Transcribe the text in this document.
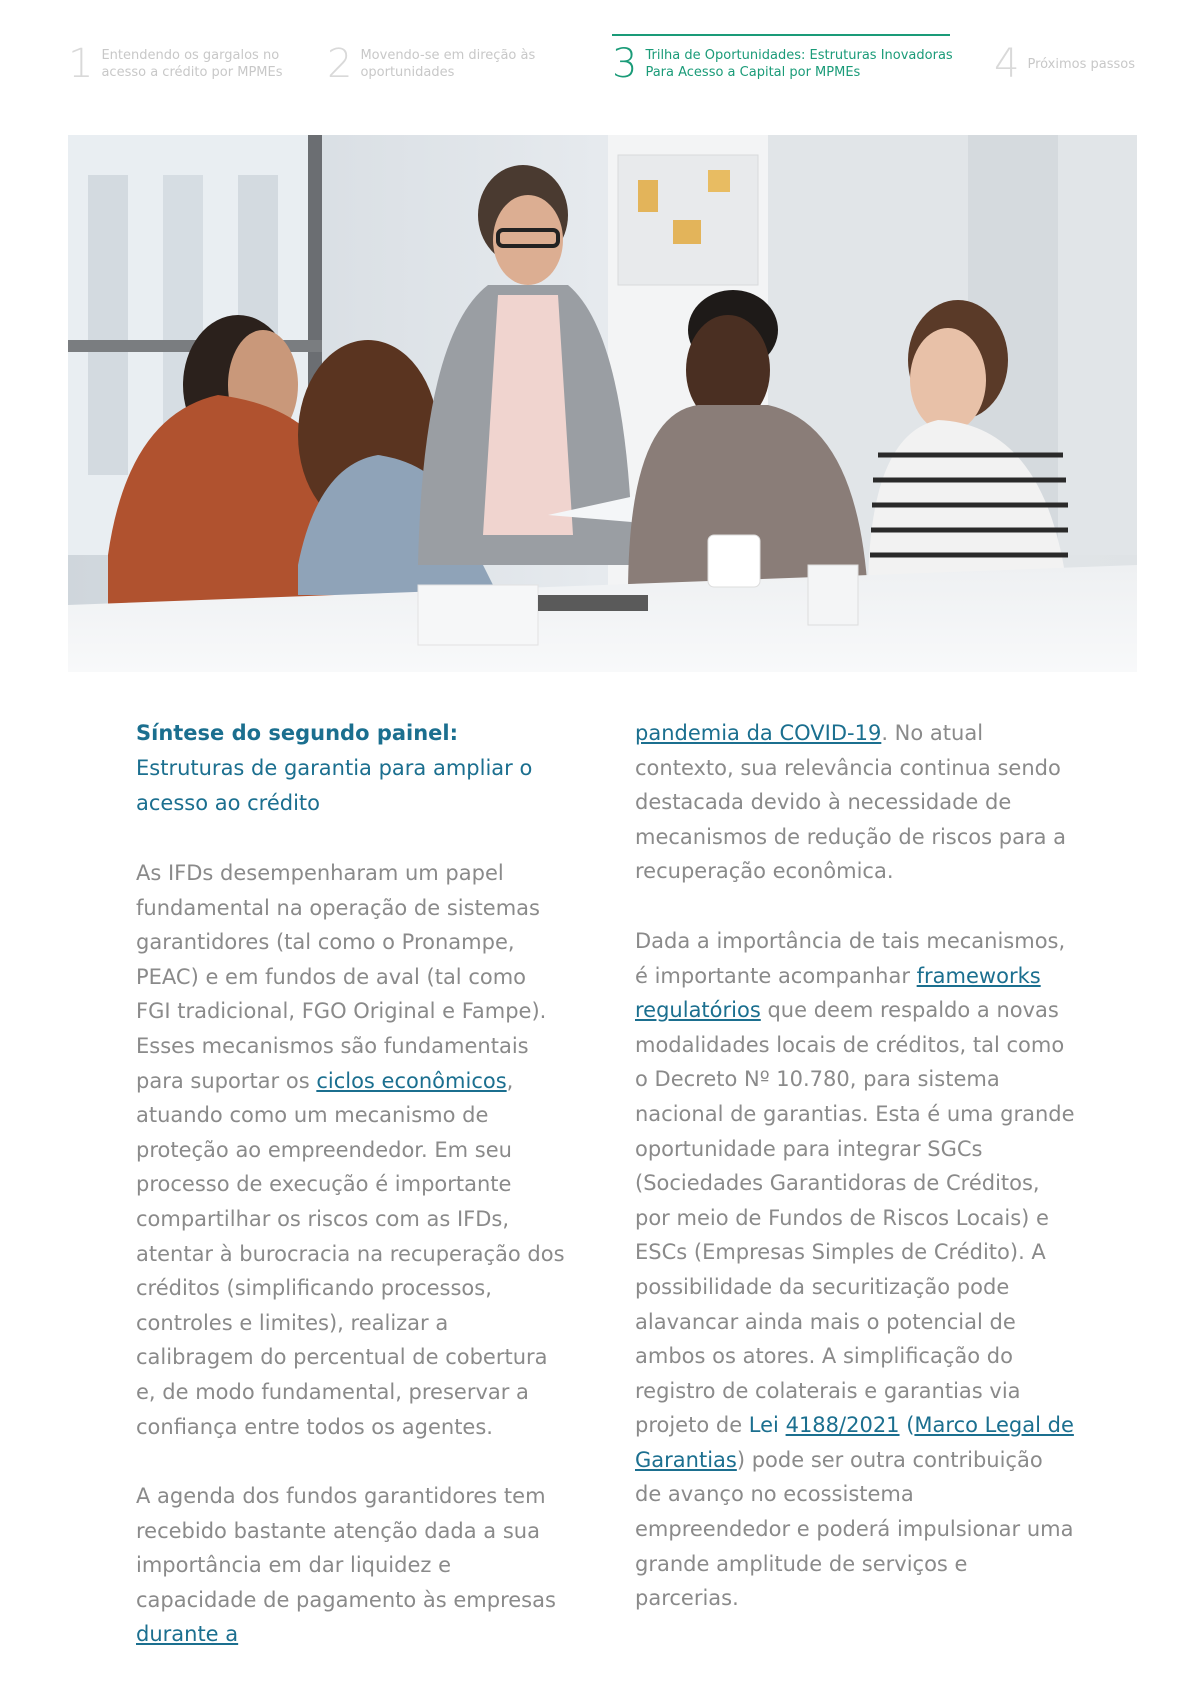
1 Entendendo os gargalos no
acesso a crédito por MPMEs 2 Movendo-se em direção às
oportunidades	3 Trilha de Oportunidades: Estruturas Inovadoras
Para Acesso a Capital por MPMEs	4 Próximos passos
Síntese do segundo painel: Estruturas de garantia para ampliar o acesso ao crédito

As IFDs desempenharam um papel fundamental na operação de sistemas garantidores (tal como o Pronampe, PEAC) e em fundos de aval (tal como FGI tradicional, FGO Original e Fampe). Esses mecanismos são fundamentais para suportar os ciclos econômicos, atuando como um mecanismo de proteção ao empreendedor. Em seu processo de execução é importante compartilhar os riscos com as IFDs, atentar à burocracia na recuperação dos créditos (simplificando processos, controles e limites), realizar a calibragem do percentual de cobertura e, de modo fundamental, preservar a confiança entre todos os agentes.

A agenda dos fundos garantidores tem recebido bastante atenção dada a sua importância em dar liquidez e capacidade de pagamento às empresas durante a

pandemia da COVID-19. No atual contexto, sua relevância continua sendo destacada devido à necessidade de mecanismos de redução de riscos para a recuperação econômica.

Dada a importância de tais mecanismos, é importante acompanhar frameworks regulatórios que deem respaldo a novas modalidades locais de créditos, tal como o Decreto Nº 10.780, para sistema nacional de garantias. Esta é uma grande oportunidade para integrar SGCs (Sociedades Garantidoras de Créditos, por meio de Fundos de Riscos Locais) e ESCs (Empresas Simples de Crédito). A possibilidade da securitização pode alavancar ainda mais o potencial de ambos os atores. A simplificação do registro de colaterais e garantias via projeto de Lei 4188/2021 (Marco Legal de Garantias) pode ser outra contribuição de avanço no ecossistema empreendedor e poderá impulsionar uma grande amplitude de serviços e parcerias.
